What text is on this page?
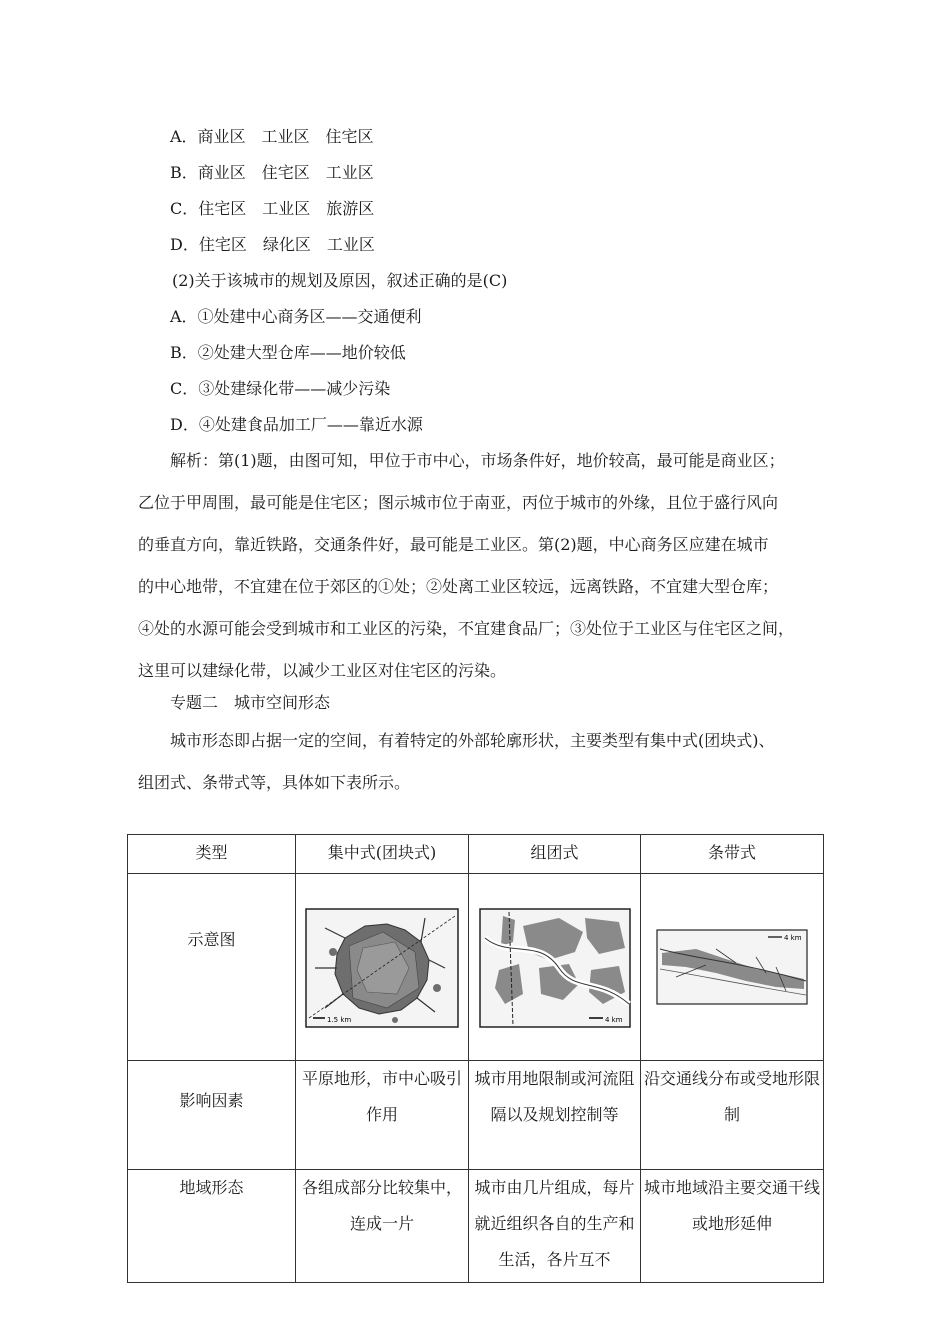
A．商业区　工业区　住宅区
B．商业区　住宅区　工业区
C．住宅区　工业区　旅游区
D．住宅区　绿化区　工业区
(2)关于该城市的规划及原因，叙述正确的是(C)
A．①处建中心商务区——交通便利
B．②处建大型仓库——地价较低
C．③处建绿化带——减少污染
D．④处建食品加工厂——靠近水源
　　解析：第(1)题，由图可知，甲位于市中心，市场条件好，地价较高，最可能是商业区；
乙位于甲周围，最可能是住宅区；图示城市位于南亚，丙位于城市的外缘，且位于盛行风向
的垂直方向，靠近铁路，交通条件好，最可能是工业区。第(2)题，中心商务区应建在城市
的中心地带，不宜建在位于郊区的①处；②处离工业区较远，远离铁路，不宜建大型仓库；
④处的水源可能会受到城市和工业区的污染，不宜建食品厂；③处位于工业区与住宅区之间，
这里可以建绿化带，以减少工业区对住宅区的污染。
　　专题二　城市空间形态
　　城市形态即占据一定的空间，有着特定的外部轮廓形状，主要类型有集中式(团块式)、
组团式、条带式等，具体如下表所示。
类型	集中式(团块式)	组团式	条带式
示意图	1.5 km	4 km	4 km

影响因素	平原地形，市中心吸引作用	城市用地限制或河流阻隔以及规划控制等	沿交通线分布或受地形限制
地域形态	各组成部分比较集中，连成一片	城市由几片组成，每片就近组织各自的生产和生活，各片互不	城市地域沿主要交通干线或地形延伸
